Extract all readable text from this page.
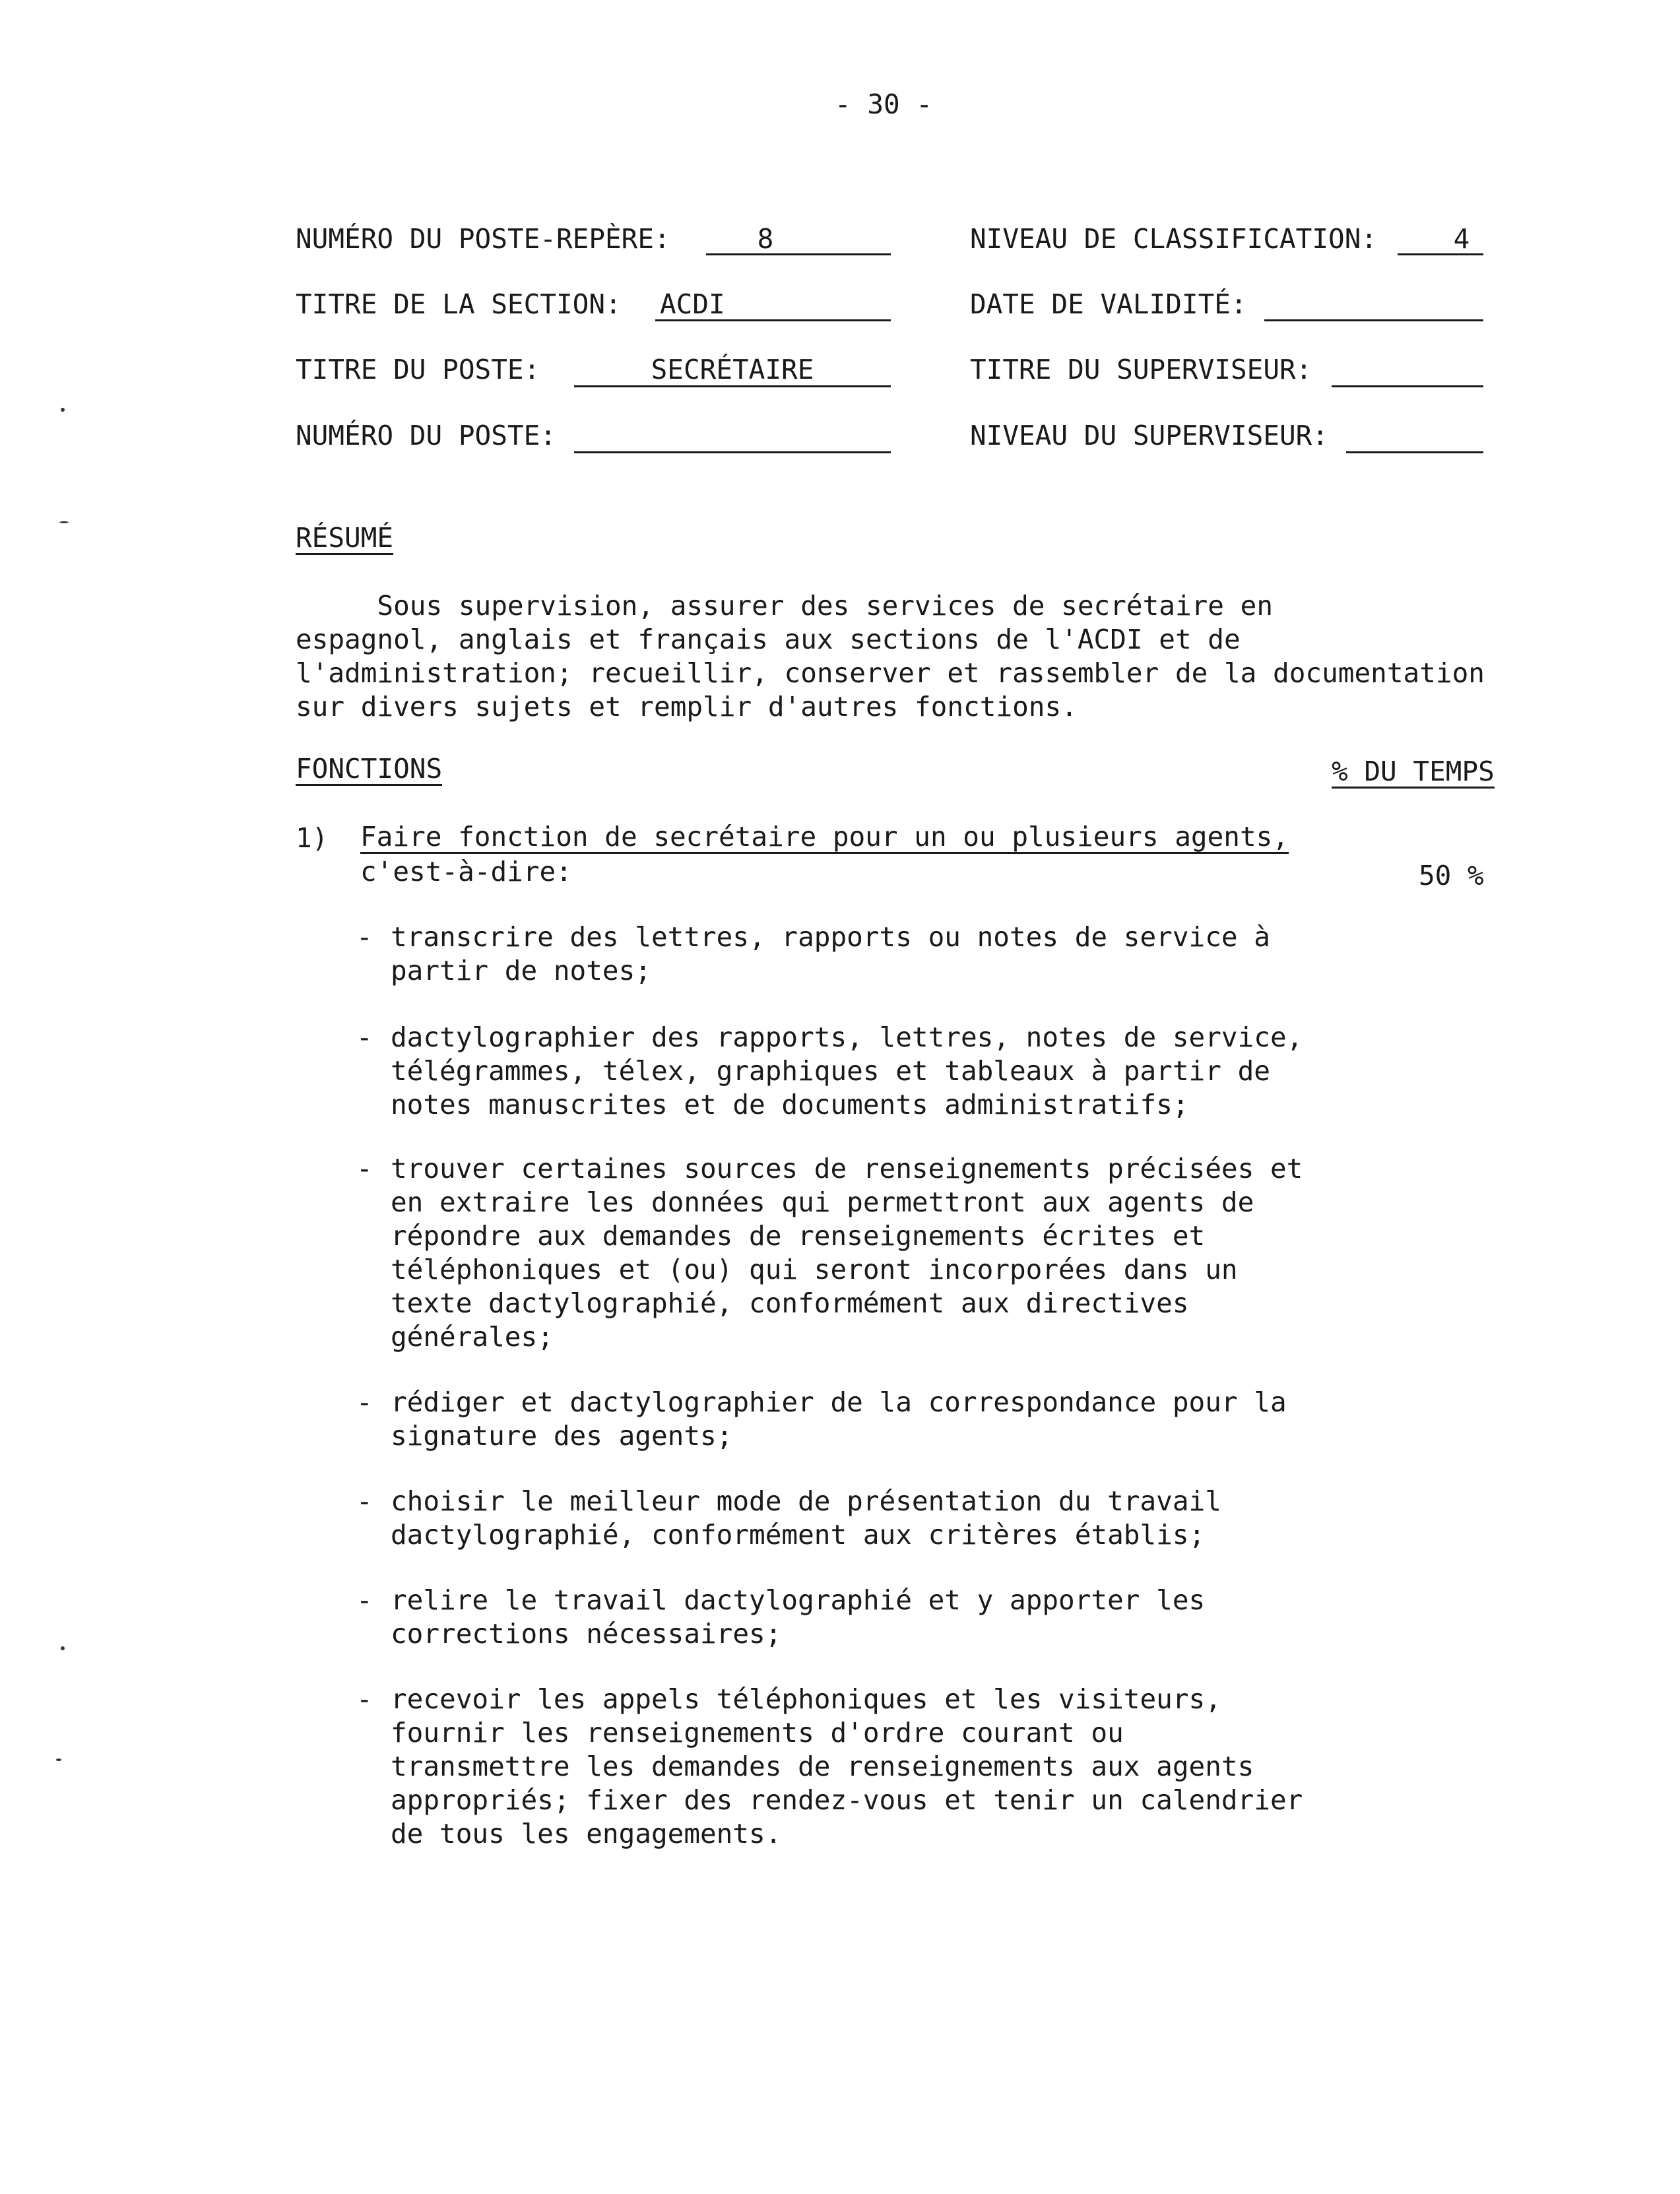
- 30 -
NUMÉRO DU POSTE-REPÈRE:	8	NIVEAU DE CLASSIFICATION:	4
TITRE DE LA SECTION: ACDI	DATE DE VALIDITÉ:
TITRE DU POSTE:	SECRÉTAIRE	TITRE DU SUPERVISEUR:
NUMÉRO DU POSTE:	NIVEAU DU SUPERVISEUR:
RÉSUMÉ
Sous supervision, assurer des services de secrétaire en
espagnol, anglais et français aux sections de l'ACDI et de
l'administration; recueillir, conserver et rassembler de la documentation
sur divers sujets et remplir d'autres fonctions.
FONCTIONS	% DU TEMPS
1) Faire fonction de secrétaire pour un ou plusieurs agents,
c'est-à-dire:	50 %
- transcrire des lettres, rapports ou notes de service à
partir de notes;
- dactylographier des rapports, lettres, notes de service,
télégrammes, télex, graphiques et tableaux à partir de
notes manuscrites et de documents administratifs;
- trouver certaines sources de renseignements précisées et
en extraire les données qui permettront aux agents de
répondre aux demandes de renseignements écrites et
téléphoniques et (ou) qui seront incorporées dans un
texte dactylographié, conformément aux directives
générales;
- rédiger et dactylographier de la correspondance pour la
signature des agents;
- choisir le meilleur mode de présentation du travail
dactylographié, conformément aux critères établis;
- relire le travail dactylographié et y apporter les
corrections nécessaires;
- recevoir les appels téléphoniques et les visiteurs,
fournir les renseignements d'ordre courant ou
transmettre les demandes de renseignements aux agents
appropriés; fixer des rendez-vous et tenir un calendrier
de tous les engagements.
